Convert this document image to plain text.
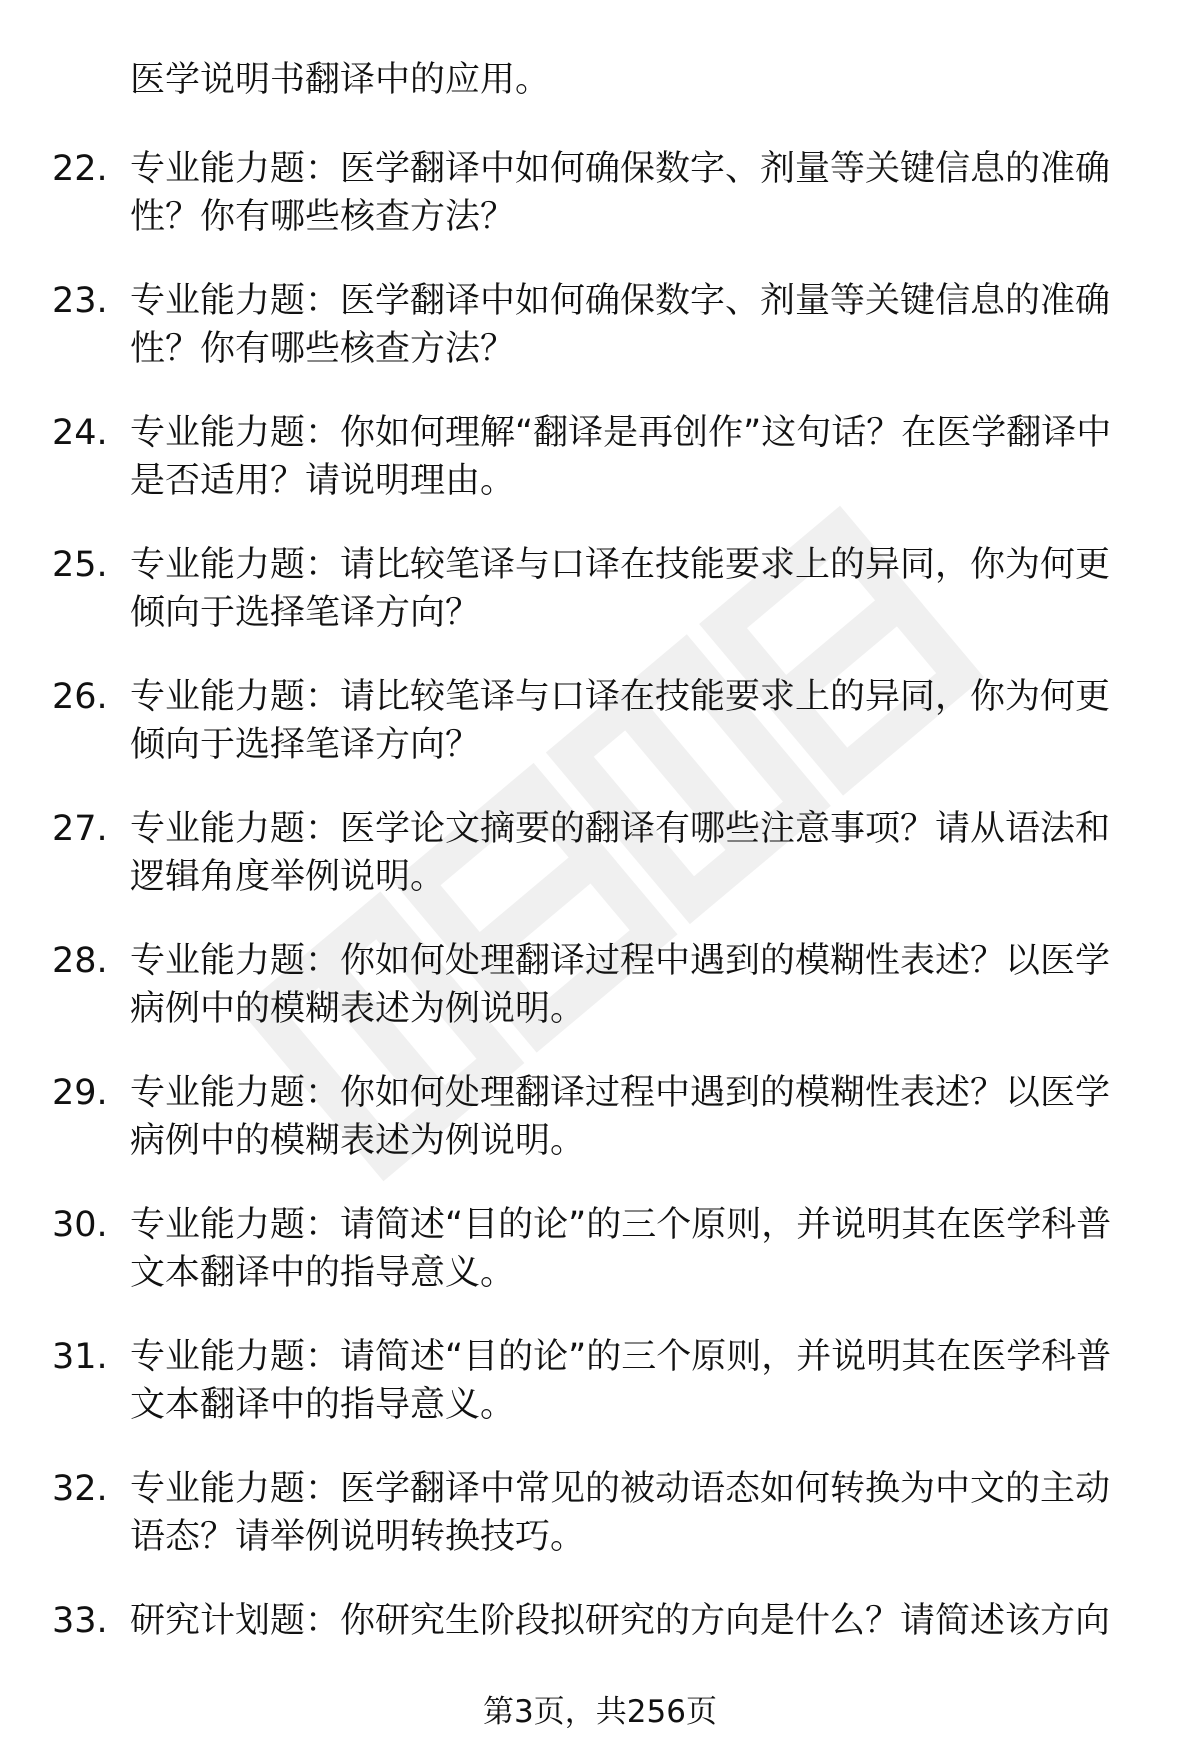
医学说明书翻译中的应用。
22. 专业能力题：医学翻译中如何确保数字、剂量等关键信息的准确性？你有哪些核查方法？
23. 专业能力题：医学翻译中如何确保数字、剂量等关键信息的准确性？你有哪些核查方法？
24. 专业能力题：你如何理解“翻译是再创作”这句话？在医学翻译中是否适用？请说明理由。
25. 专业能力题：请比较笔译与口译在技能要求上的异同，你为何更倾向于选择笔译方向？
26. 专业能力题：请比较笔译与口译在技能要求上的异同，你为何更倾向于选择笔译方向？
27. 专业能力题：医学论文摘要的翻译有哪些注意事项？请从语法和逻辑角度举例说明。
28. 专业能力题：你如何处理翻译过程中遇到的模糊性表述？以医学病例中的模糊表述为例说明。
29. 专业能力题：你如何处理翻译过程中遇到的模糊性表述？以医学病例中的模糊表述为例说明。
30. 专业能力题：请简述“目的论”的三个原则，并说明其在医学科普文本翻译中的指导意义。
31. 专业能力题：请简述“目的论”的三个原则，并说明其在医学科普文本翻译中的指导意义。
32. 专业能力题：医学翻译中常见的被动语态如何转换为中文的主动语态？请举例说明转换技巧。
33. 研究计划题：你研究生阶段拟研究的方向是什么？请简述该方向
第3页，共256页
